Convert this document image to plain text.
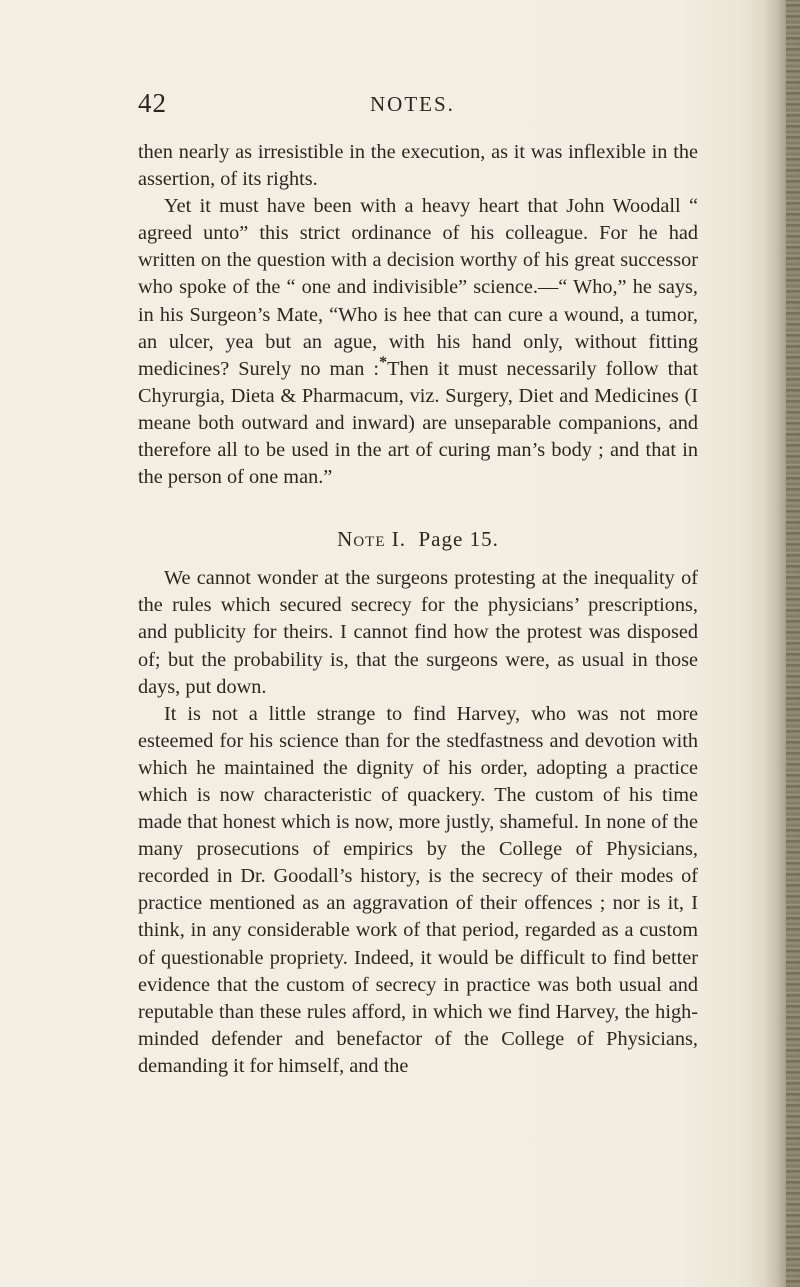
42	NOTES.

then nearly as irresistible in the execution, as it was inflexible in the assertion, of its rights.

Yet it must have been with a heavy heart that John Woodall “ agreed unto” this strict ordinance of his colleague. For he had written on the question with a decision worthy of his great successor who spoke of the “ one and indivisible” science.—“ Who,” he says, in his Surgeon’s Mate, “Who is hee that can cure a wound, a tumor, an ulcer, yea but an ague, with his hand only, without fitting medicines? Surely no man :*Then it must necessarily follow that Chyrurgia, Dieta & Pharmacum, viz. Surgery, Diet and Medicines (I meane both outward and inward) are unseparable companions, and therefore all to be used in the art of curing man’s body ; and that in the person of one man.”

Note I. Page 15.

We cannot wonder at the surgeons protesting at the inequality of the rules which secured secrecy for the physicians’ prescriptions, and publicity for theirs. I cannot find how the protest was disposed of; but the probability is, that the surgeons were, as usual in those days, put down.

It is not a little strange to find Harvey, who was not more esteemed for his science than for the stedfastness and devotion with which he maintained the dignity of his order, adopting a practice which is now characteristic of quackery. The custom of his time made that honest which is now, more justly, shameful. In none of the many prosecutions of empirics by the College of Physicians, recorded in Dr. Goodall’s history, is the secrecy of their modes of practice mentioned as an aggravation of their offences ; nor is it, I think, in any considerable work of that period, regarded as a custom of questionable propriety. Indeed, it would be difficult to find better evidence that the custom of secrecy in practice was both usual and reputable than these rules afford, in which we find Harvey, the high-minded defender and benefactor of the College of Physicians, demanding it for himself, and the
